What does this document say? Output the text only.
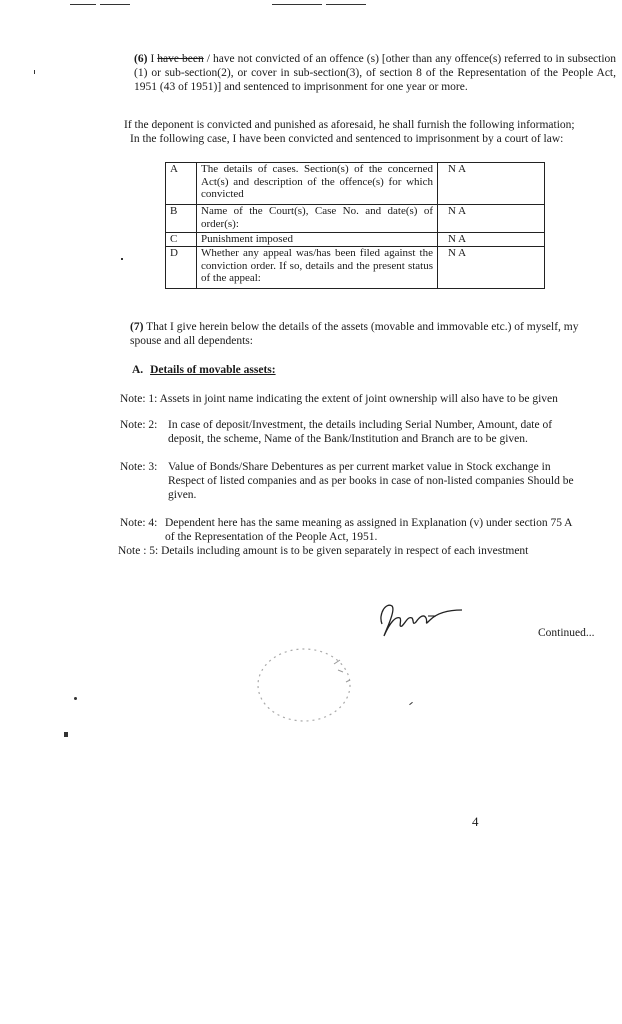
(6) I have been / have not convicted of an offence (s) [other than any offence(s) referred to in subsection (1) or sub-section(2), or cover in sub-section(3), of section 8 of the Representation of the People Act, 1951 (43 of 1951)] and sentenced to imprisonment for one year or more.

If the deponent is convicted and punished as aforesaid, he shall furnish the following information;

In the following case, I have been convicted and sentenced to imprisonment by a court of law:

A	The details of cases. Section(s) of the concerned Act(s) and description of the offence(s) for which convicted	N A
B	Name of the Court(s), Case No. and date(s) of order(s):	N A
C	Punishment imposed	N A
D	Whether any appeal was/has been filed against the conviction order. If so, details and the present status of the appeal:	N A
(7) That I give herein below the details of the assets (movable and immovable etc.) of myself, my spouse and all dependents:
A. Details of movable assets:
Note: 1: Assets in joint name indicating the extent of joint ownership will also have to be given
Note: 2: In case of deposit/Investment, the details including Serial Number, Amount, date of deposit, the scheme, Name of the Bank/Institution and Branch are to be given.
Note: 3: Value of Bonds/Share Debentures as per current market value in Stock exchange in Respect of listed companies and as per books in case of non-listed companies Should be given.
Note: 4: Dependent here has the same meaning as assigned in Explanation (v) under section 75 A of the Representation of the People Act, 1951.
Note : 5: Details including amount is to be given separately in respect of each investment
Continued...
4
